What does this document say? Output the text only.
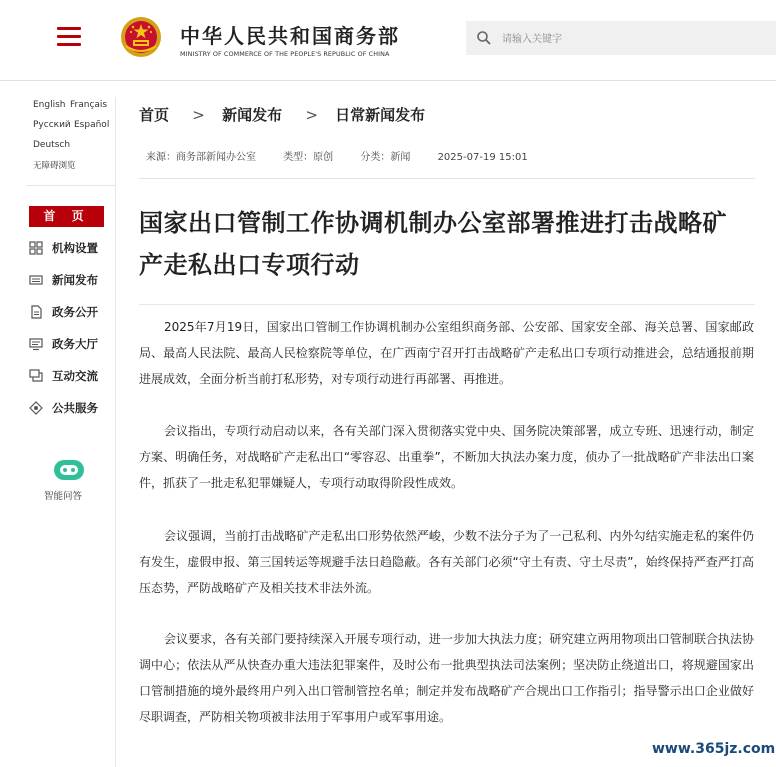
中华人民共和国商务部
MINISTRY OF COMMERCE OF THE PEOPLE'S REPUBLIC OF CHINA
请输入关键字
English Français
Русский Español
Deutsch
无障碍浏览
首 页
机构设置
新闻发布
政务公开
政务大厅
互动交流
公共服务
智能问答
首页 > 新闻发布 > 日常新闻发布
来源：商务部新闻办公室	类型：原创	分类：新闻	2025-07-19 15:01
国家出口管制工作协调机制办公室部署推进打击战略矿产走私出口专项行动

2025年7月19日，国家出口管制工作协调机制办公室组织商务部、公安部、国家安全部、海关总署、国家邮政局、最高人民法院、最高人民检察院等单位，在广西南宁召开打击战略矿产走私出口专项行动推进会，总结通报前期进展成效，全面分析当前打私形势，对专项行动进行再部署、再推进。

会议指出，专项行动启动以来，各有关部门深入贯彻落实党中央、国务院决策部署，成立专班、迅速行动，制定方案、明确任务，对战略矿产走私出口“零容忍、出重拳”，不断加大执法办案力度，侦办了一批战略矿产非法出口案件，抓获了一批走私犯罪嫌疑人，专项行动取得阶段性成效。

会议强调，当前打击战略矿产走私出口形势依然严峻，少数不法分子为了一己私利、内外勾结实施走私的案件仍有发生，虚假申报、第三国转运等规避手法日趋隐蔽。各有关部门必须“守土有责、守土尽责”，始终保持严查严打高压态势，严防战略矿产及相关技术非法外流。

会议要求，各有关部门要持续深入开展专项行动，进一步加大执法力度；研究建立两用物项出口管制联合执法协调中心；依法从严从快查办重大违法犯罪案件，及时公布一批典型执法司法案例；坚决防止绕道出口，将规避国家出口管制措施的境外最终用户列入出口管制管控名单；制定并发布战略矿产合规出口工作指引；指导警示出口企业做好尽职调查，严防相关物项被非法用于军事用户或军事用途。

www.365jz.com
